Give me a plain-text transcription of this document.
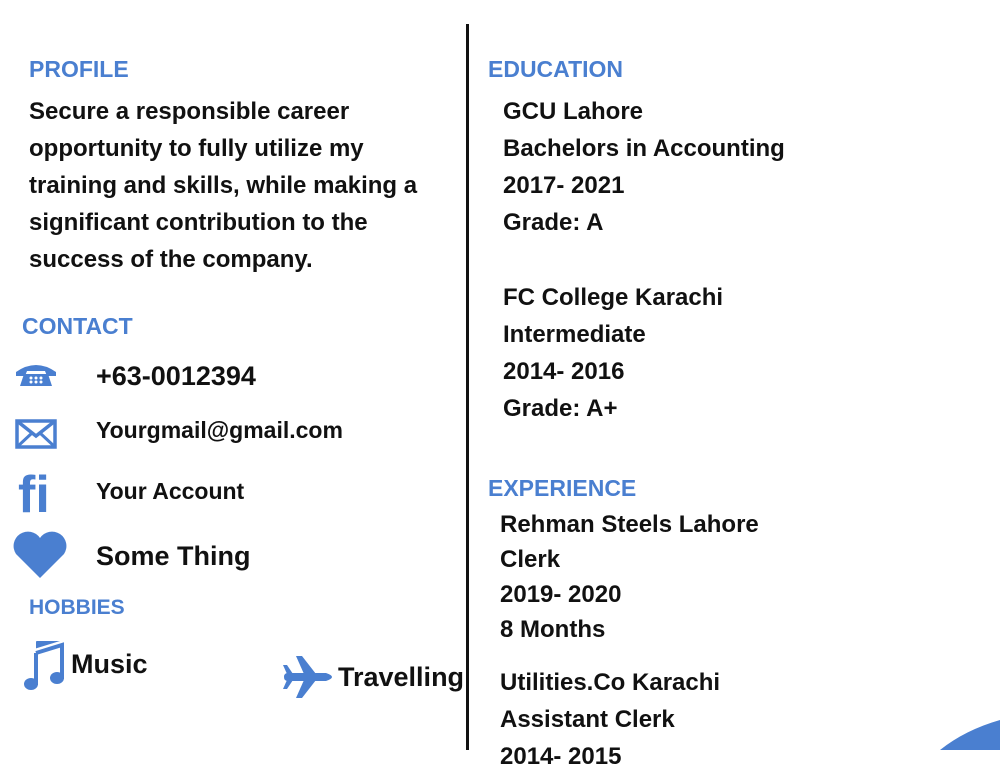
PROFILE
Secure a responsible career
opportunity to fully utilize my
training and skills, while making a
significant contribution to the
success of the company.
CONTACT
+63-0012394
Yourgmail@gmail.com
fi Your Account
Some Thing
HOBBIES
Music	Travelling
EDUCATION
GCU Lahore
Bachelors in Accounting
2017- 2021
Grade: A
FC College Karachi
Intermediate
2014- 2016
Grade: A+
EXPERIENCE
Rehman Steels Lahore
Clerk
2019- 2020
8 Months
Utilities.Co Karachi
Assistant Clerk
2014- 2015
